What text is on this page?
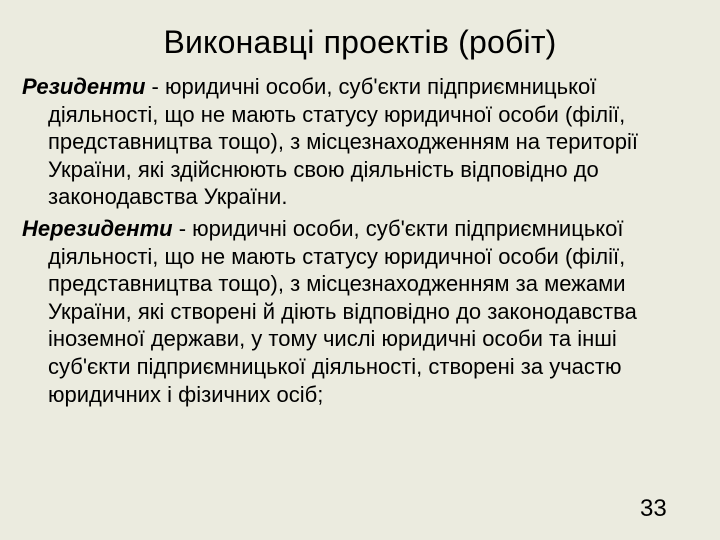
Виконавці проектів (робіт)

Резиденти - юридичні особи, суб'єкти підприємницької діяльності, що не мають статусу юридичної особи (філії, представництва тощо), з місцезнаходженням на території України, які здійснюють свою діяльність відповідно до законодавства України.

Нерезиденти - юридичні особи, суб'єкти підприємницької діяльності, що не мають статусу юридичної особи (філії, представництва тощо), з місцезнаходженням за межами України, які створені й діють відповідно до законодавства іноземної держави, у тому числі юридичні особи та інші суб'єкти підприємницької діяльності, створені за участю юридичних і фізичних осіб;

33
